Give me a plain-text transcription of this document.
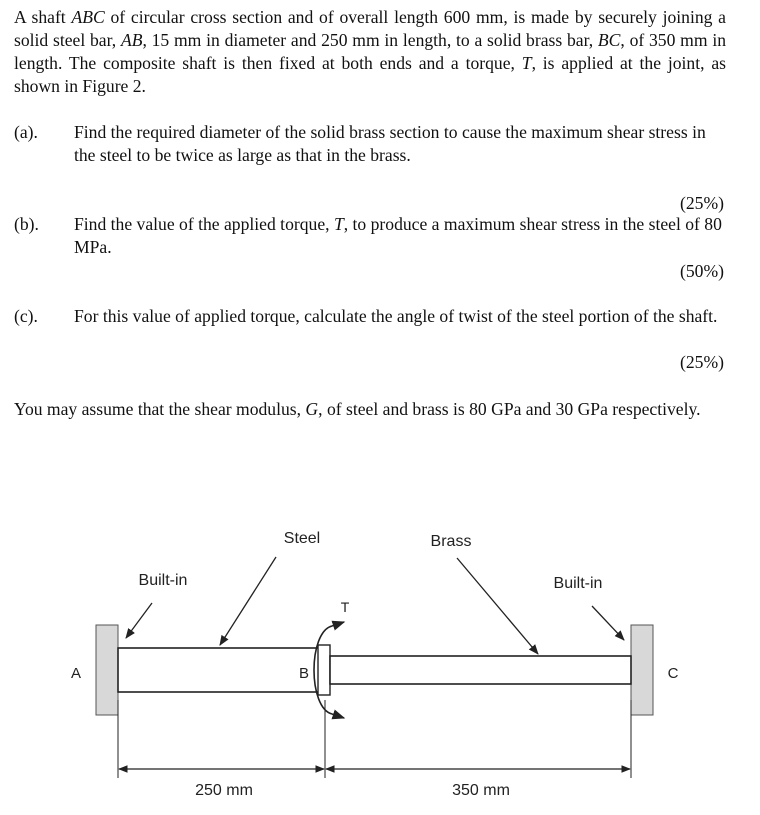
A shaft ABC of circular cross section and of overall length 600 mm, is made by securely joining a solid steel bar, AB, 15 mm in diameter and 250 mm in length, to a solid brass bar, BC, of 350 mm in length. The composite shaft is then fixed at both ends and a torque, T, is applied at the joint, as shown in Figure 2.

(a). Find the required diameter of the solid brass section to cause the maximum shear stress in the steel to be twice as large as that in the brass.
(25%)
(b). Find the value of the applied torque, T, to produce a maximum shear stress in the steel of 80 MPa.
(50%)
(c). For this value of applied torque, calculate the angle of twist of the steel portion of the shaft.
(25%)

You may assume that the shear modulus, G, of steel and brass is 80 GPa and 30 GPa respectively.

Steel	Brass
Built-in	Built-in
T
A	B	C
250 mm	350 mm
